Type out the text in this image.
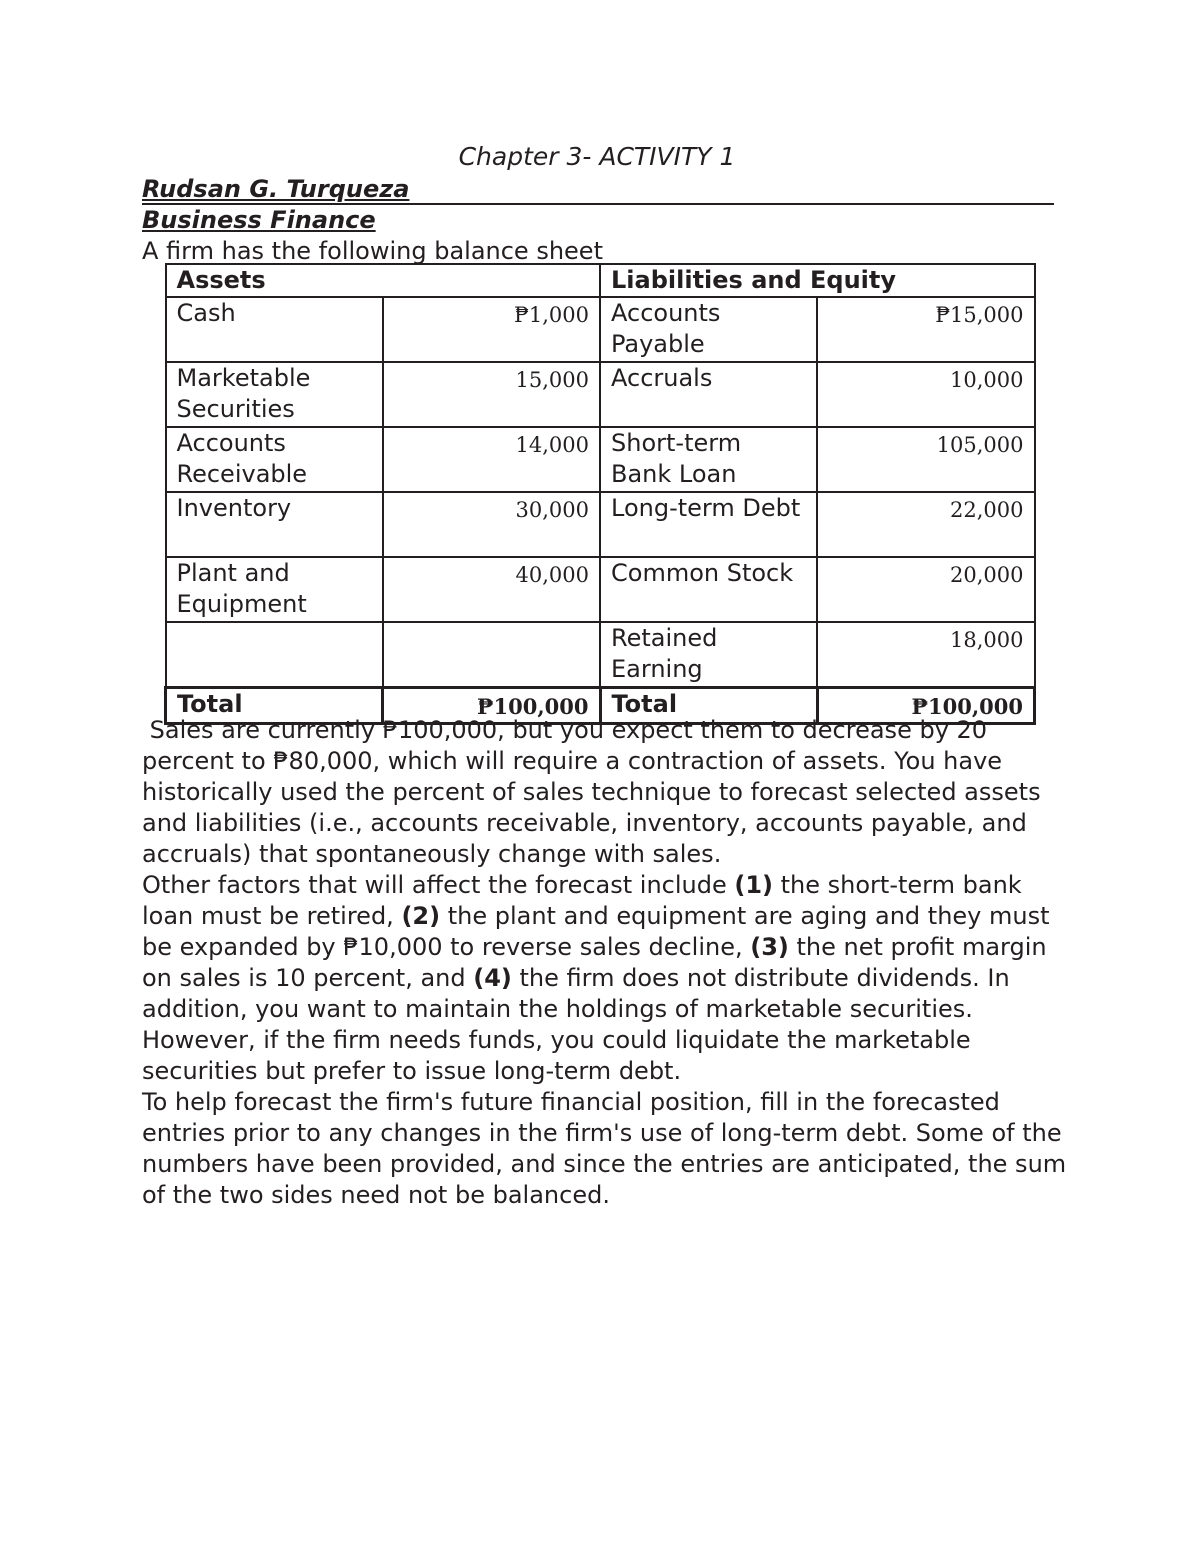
Chapter 3- ACTIVITY 1
Rudsan G. Turqueza
Business Finance
A firm has the following balance sheet
Assets		Liabilities and Equity	
Cash	₱1,000	Accounts Payable	₱15,000
Marketable Securities	15,000	Accruals	10,000
Accounts Receivable	14,000	Short-term Bank Loan	105,000
Inventory	30,000	Long-term Debt	22,000
Plant and Equipment	40,000	Common Stock	20,000
		Retained Earning	18,000
Total	₱100,000	Total	₱100,000

Sales are currently ₱100,000, but you expect them to decrease by 20 percent to ₱80,000, which will require a contraction of assets. You have historically used the percent of sales technique to forecast selected assets and liabilities (i.e., accounts receivable, inventory, accounts payable, and accruals) that spontaneously change with sales.

Other factors that will affect the forecast include (1) the short-term bank loan must be retired, (2) the plant and equipment are aging and they must be expanded by ₱10,000 to reverse sales decline, (3) the net profit margin on sales is 10 percent, and (4) the firm does not distribute dividends. In addition, you want to maintain the holdings of marketable securities. However, if the firm needs funds, you could liquidate the marketable securities but prefer to issue long-term debt.

To help forecast the firm's future financial position, fill in the forecasted entries prior to any changes in the firm's use of long-term debt. Some of the numbers have been provided, and since the entries are anticipated, the sum of the two sides need not be balanced.
